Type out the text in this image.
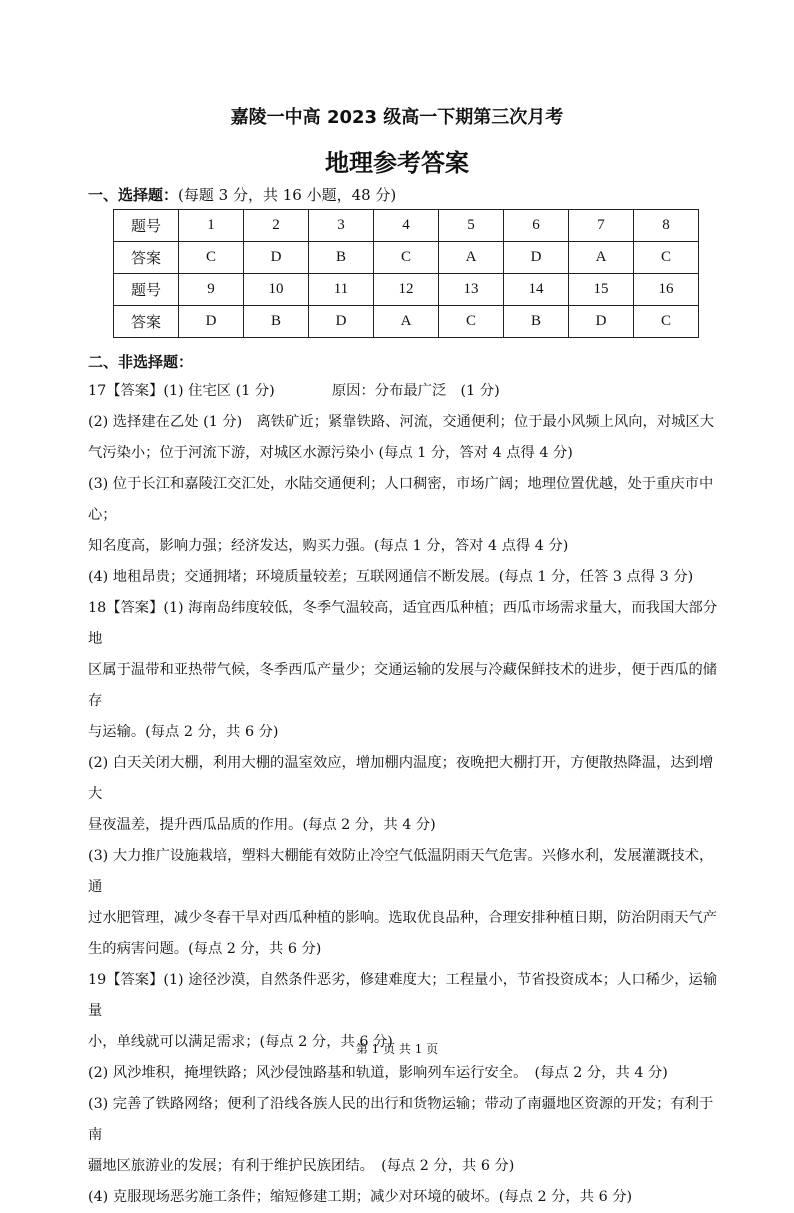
嘉陵一中高 2023 级高一下期第三次月考
地理参考答案
一、选择题：(每题 3 分，共 16 小题，48 分)
题号	1	2	3	4	5	6	7	8
答案	C	D	B	C	A	D	A	C
题号	9	10	11	12	13	14	15	16
答案	D	B	D	A	C	B	D	C
二、非选择题：

17【答案】(1) 住宅区 (1 分)　　　　原因：分布最广泛　(1 分)

(2) 选择建在乙处 (1 分)　离铁矿近；紧靠铁路、河流，交通便利；位于最小风频上风向，对城区大

气污染小；位于河流下游，对城区水源污染小 (每点 1 分，答对 4 点得 4 分)

(3) 位于长江和嘉陵江交汇处，水陆交通便利；人口稠密，市场广阔；地理位置优越，处于重庆市中心；

知名度高，影响力强；经济发达，购买力强。(每点 1 分，答对 4 点得 4 分)

(4) 地租昂贵；交通拥堵；环境质量较差；互联网通信不断发展。(每点 1 分，任答 3 点得 3 分)

18【答案】(1) 海南岛纬度较低，冬季气温较高，适宜西瓜种植；西瓜市场需求量大，而我国大部分地

区属于温带和亚热带气候，冬季西瓜产量少；交通运输的发展与冷藏保鲜技术的进步，便于西瓜的储存

与运输。(每点 2 分，共 6 分)

(2) 白天关闭大棚，利用大棚的温室效应，增加棚内温度；夜晚把大棚打开，方便散热降温，达到增大

昼夜温差，提升西瓜品质的作用。(每点 2 分，共 4 分)

(3) 大力推广设施栽培，塑料大棚能有效防止冷空气低温阴雨天气危害。兴修水利，发展灌溉技术，通

过水肥管理，减少冬春干旱对西瓜种植的影响。选取优良品种，合理安排种植日期，防治阴雨天气产

生的病害问题。(每点 2 分，共 6 分)

19【答案】(1) 途径沙漠，自然条件恶劣，修建难度大；工程量小，节省投资成本；人口稀少，运输量

小，单线就可以满足需求；(每点 2 分，共 6 分)

(2) 风沙堆积，掩埋铁路；风沙侵蚀路基和轨道，影响列车运行安全。　(每点 2 分，共 4 分)

(3) 完善了铁路网络；便利了沿线各族人民的出行和货物运输；带动了南疆地区资源的开发；有利于南

疆地区旅游业的发展；有利于维护民族团结。　(每点 2 分，共 6 分)

(4) 克服现场恶劣施工条件；缩短修建工期；减少对环境的破坏。(每点 2 分，共 6 分)

第 1 页 共 1 页
